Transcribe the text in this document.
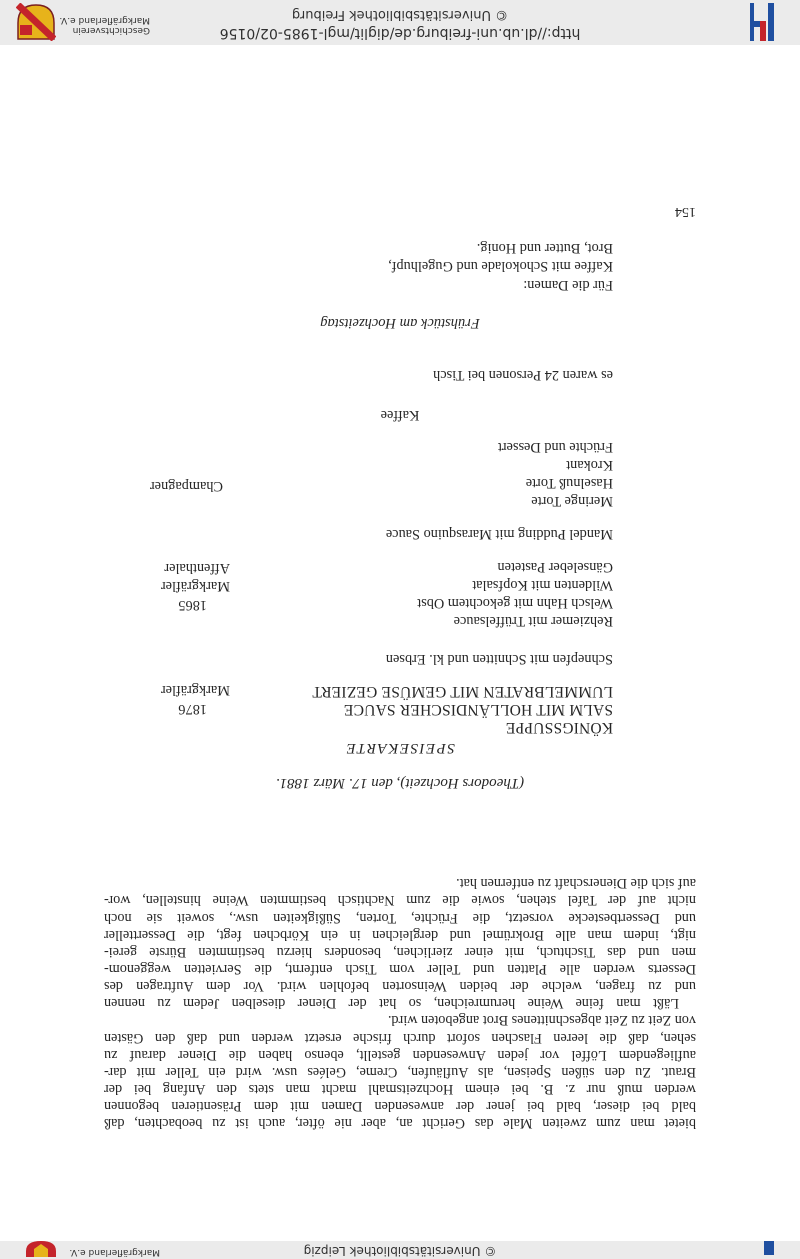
© Universitätsbibliothek Leipzig
Markgräflerland e.V.
http://dl.ub.uni-freiburg.de/diglit/mgl-1985-02/0156
© Universitätsbibliothek Freiburg
Geschichtsverein
Markgräflerland e.V.
bietet man zum zweiten Male das Gericht an, aber nie öfter, auch ist zu beobachten, daß
bald bei dieser, bald bei jener der anwesenden Damen mit dem Präsentieren begonnen
werden muß nur z. B. bei einem Hochzeitsmahl macht man stets den Anfang bei der
Braut. Zu den süßen Speisen, als Aufläufen, Creme, Gelées usw. wird ein Teller mit dar-
aufliegendem Löffel vor jeden Anwesenden gestellt, ebenso haben die Diener darauf zu
sehen, daß die leeren Flaschen sofort durch frische ersetzt werden und daß den Gästen
von Zeit zu Zeit abgeschnittenes Brot angeboten wird.
Läßt man feine Weine herumreichen, so hat der Diener dieselben Jedem zu nennen
und zu fragen, welche der beiden Weinsorten befohlen wird. Vor dem Auftragen des
Desserts werden alle Platten und Teller vom Tisch entfernt, die Servietten weggenom-
men und das Tischtuch, mit einer zierlichen, besonders hierzu bestimmten Bürste gerei-
nigt, indem man alle Brokrümel und dergleichen in ein Körbchen fegt, die Dessertteller
und Dessertbestecke vorsetzt, die Früchte, Torten, Süßigkeiten usw., soweit sie noch
nicht auf der Tafel stehen, sowie die zum Nachtisch bestimmten Weine hinstellen, wor-
auf sich die Dienerschaft zu entfernen hat.
(Theodors Hochzeit), den 17. März 1881.
SPEISEKARTE
KÖNIGSSUPPE
SALM MIT HOLLÄNDISCHER SAUCE
LUMMELBRATEN MIT GEMÜSE GEZIERT
1876
Markgräfler
Schnepfen mit Schnitten und kl. Erbsen
Rehziemer mit Trüffelsauce
Welsch Hahn mit gekochtem Obst
Wildenten mit Kopfsalat
Gänseleber Pasteten
1865
Markgräfler
Affenthaler
Mandel Pudding mit Marasquino Sauce
Meringe Torte
Haselnuß Torte
Krokant
Früchte und Dessert
Champagner
Kaffee
es waren 24 Personen bei Tisch
Frühstück am Hochzeitstag
Für die Damen:
Kaffee mit Schokolade und Gugelhupf,
Brot, Butter und Honig.
154
